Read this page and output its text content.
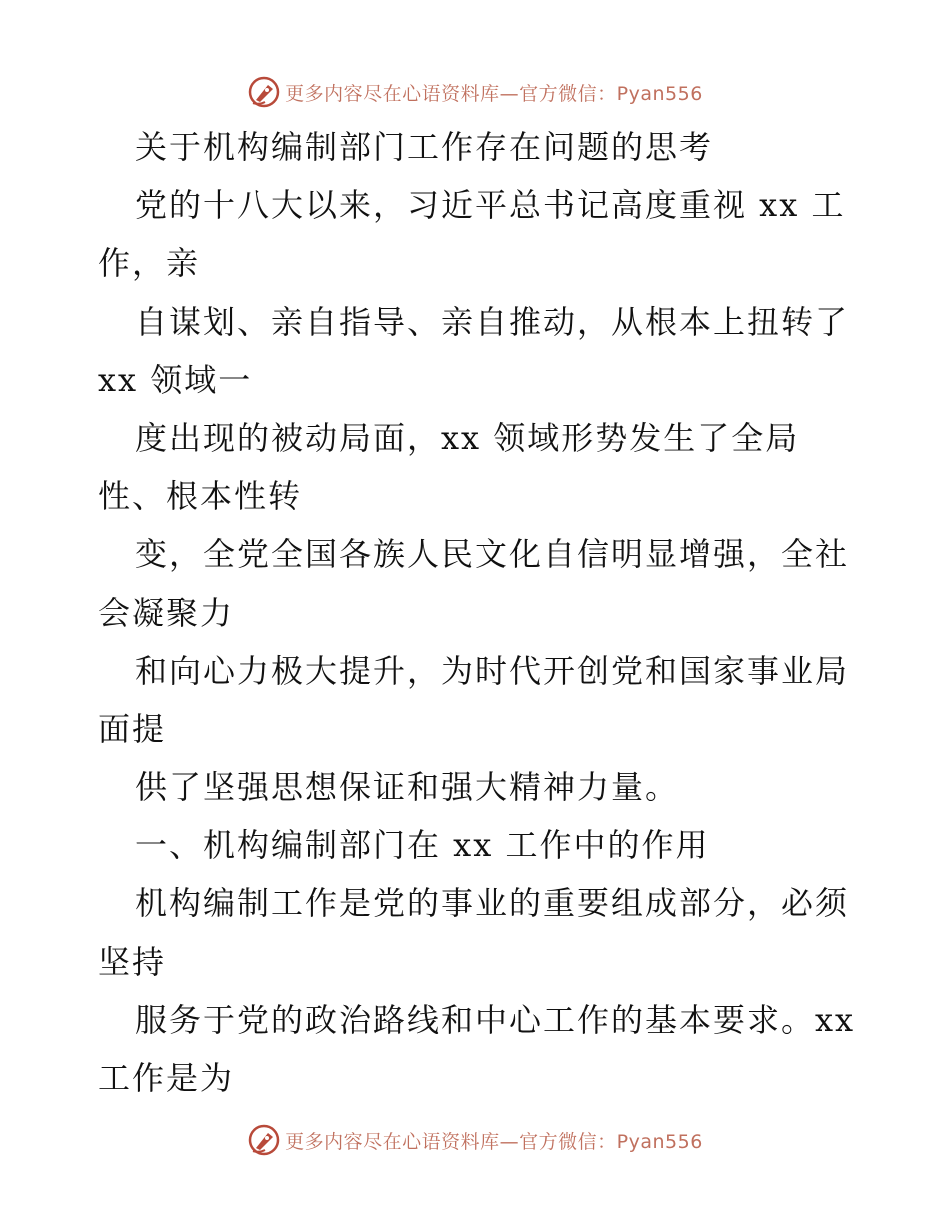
更多内容尽在心语资料库—官方微信：Pyan556
关于机构编制部门工作存在问题的思考
党的十八大以来，习近平总书记高度重视 xx 工
作，亲
自谋划、亲自指导、亲自推动，从根本上扭转了
xx 领域一
度出现的被动局面，xx 领域形势发生了全局
性、根本性转
变，全党全国各族人民文化自信明显增强，全社
会凝聚力
和向心力极大提升，为时代开创党和国家事业局
面提
供了坚强思想保证和强大精神力量。
一、机构编制部门在 xx 工作中的作用
机构编制工作是党的事业的重要组成部分，必须
坚持
服务于党的政治路线和中心工作的基本要求。xx
工作是为
更多内容尽在心语资料库—官方微信：Pyan556
